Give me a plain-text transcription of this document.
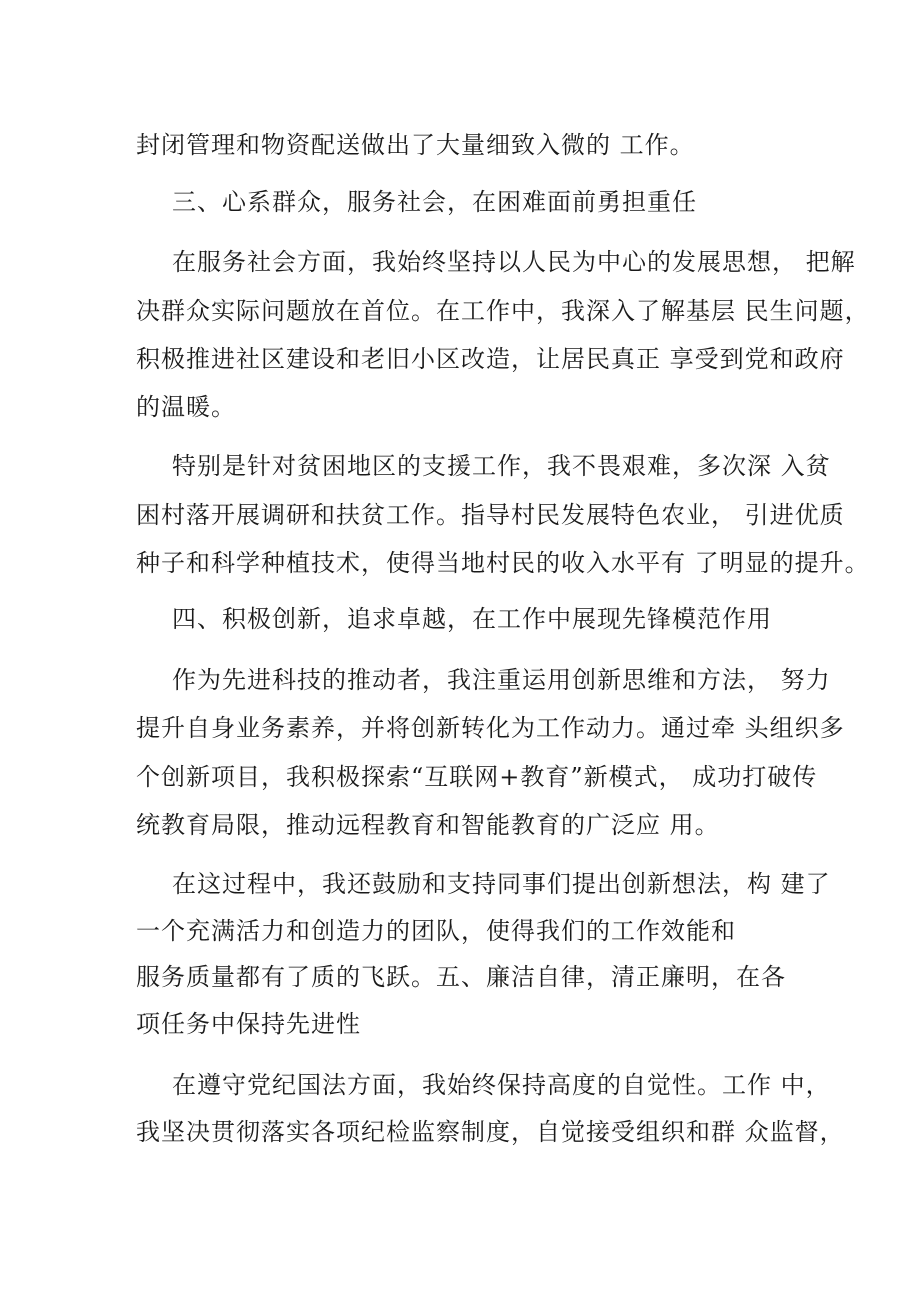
封闭管理和物资配送做出了大量细致入微的 工作。
三、心系群众，服务社会，在困难面前勇担重任
在服务社会方面，我始终坚持以人民为中心的发展思想， 把解
决群众实际问题放在首位。在工作中，我深入了解基层 民生问题，
积极推进社区建设和老旧小区改造，让居民真正 享受到党和政府
的温暖。
特别是针对贫困地区的支援工作，我不畏艰难，多次深 入贫
困村落开展调研和扶贫工作。指导村民发展特色农业， 引进优质
种子和科学种植技术，使得当地村民的收入水平有 了明显的提升。
四、积极创新，追求卓越，在工作中展现先锋模范作用
作为先进科技的推动者，我注重运用创新思维和方法， 努力
提升自身业务素养，并将创新转化为工作动力。通过牵 头组织多
个创新项目，我积极探索“互联网+教育”新模式， 成功打破传
统教育局限，推动远程教育和智能教育的广泛应 用。
在这过程中，我还鼓励和支持同事们提出创新想法，构 建了
一个充满活力和创造力的团队，使得我们的工作效能和
服务质量都有了质的飞跃。五、廉洁自律，清正廉明，在各
项任务中保持先进性
在遵守党纪国法方面，我始终保持高度的自觉性。工作 中，
我坚决贯彻落实各项纪检监察制度，自觉接受组织和群 众监督，
